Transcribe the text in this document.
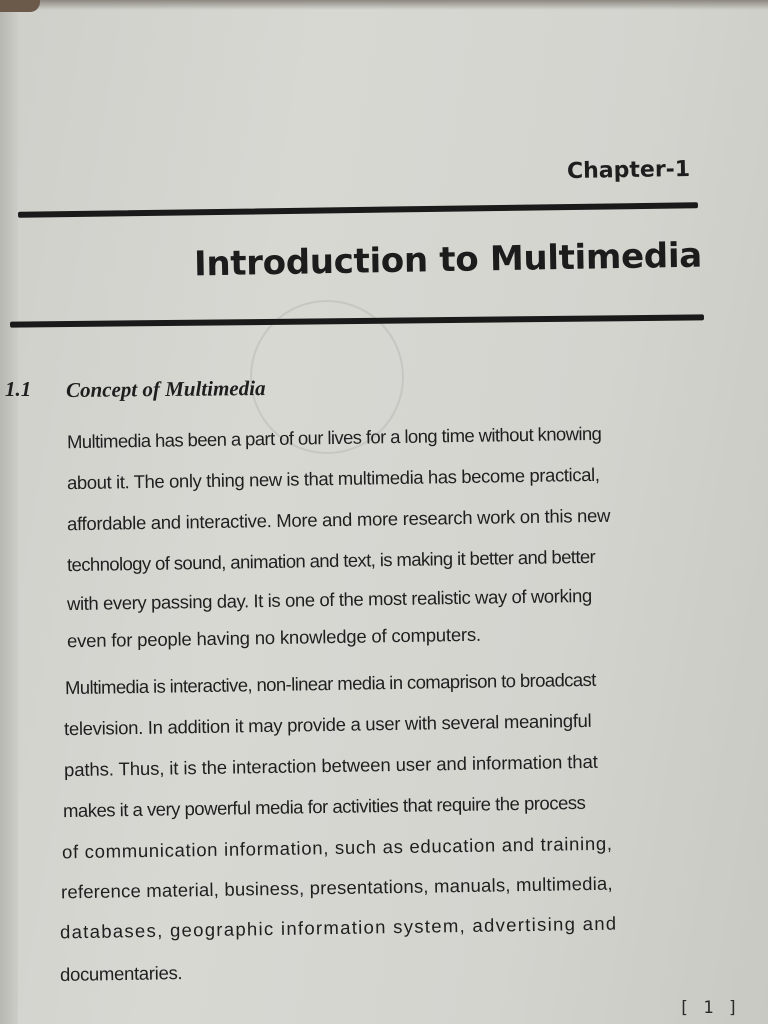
Chapter-1
Introduction to Multimedia
1.1 Concept of Multimedia
Multimedia has been a part of our lives for a long time without knowing
about it. The only thing new is that multimedia has become practical,
affordable and interactive. More and more research work on this new
technology of sound, animation and text, is making it better and better
with every passing day. It is one of the most realistic way of working
even for people having no knowledge of computers.
Multimedia is interactive, non-linear media in comaprison to broadcast
television. In addition it may provide a user with several meaningful
paths. Thus, it is the interaction between user and information that
makes it a very powerful media for activities that require the process
of communication information, such as education and training,
reference material, business, presentations, manuals, multimedia,
databases, geographic information system, advertising and
documentaries.
[ 1 ]
